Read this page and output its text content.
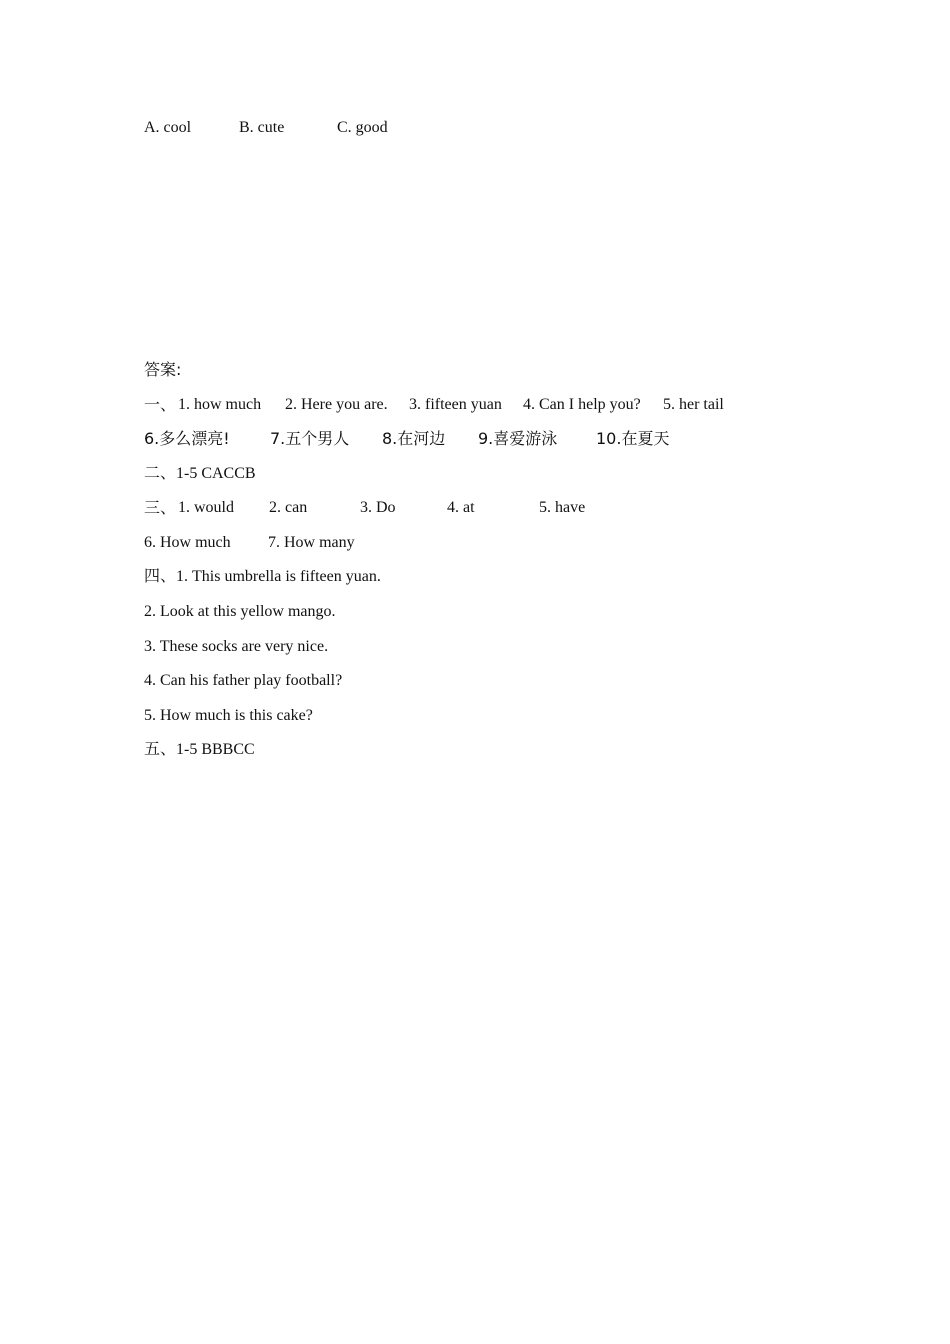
A. cool	B. cute	C. good
答案:
一、 1. how much 2. Here you are. 3. fifteen yuan 4. Can I help you? 5. her tail
6.多么漂亮!	7.五个男人 8.在河边 9.喜爱游泳 10.在夏天
二、1-5 CACCB
三、 1. would 2. can	3. Do	4. at	5. have
6. How much 7. How many
四、1. This umbrella is fifteen yuan.
2. Look at this yellow mango.
3. These socks are very nice.
4. Can his father play football?
5. How much is this cake?
五、1-5 BBBCC
